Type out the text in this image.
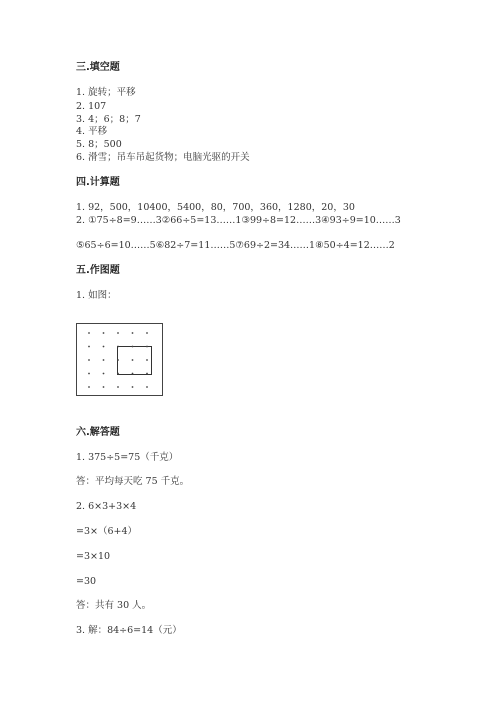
三.填空题
1. 旋转；平移
2. 107
3. 4；6；8；7
4. 平移
5. 8；500
6. 滑雪；吊车吊起货物；电脑光驱的开关
四.计算题
1. 92，500，10400，5400，80，700，360，1280，20，30
2. ①75÷8=9……3②66÷5=13……1③99÷8=12……3④93÷9=10……3
⑤65÷6=10……5⑥82÷7=11……5⑦69÷2=34……1⑧50÷4=12……2
五.作图题
1. 如图：
六.解答题
1. 375÷5=75（千克）
答：平均每天吃 75 千克。
2. 6×3+3×4
=3×（6+4）
=3×10
=30
答：共有 30 人。
3. 解：84÷6=14（元）
